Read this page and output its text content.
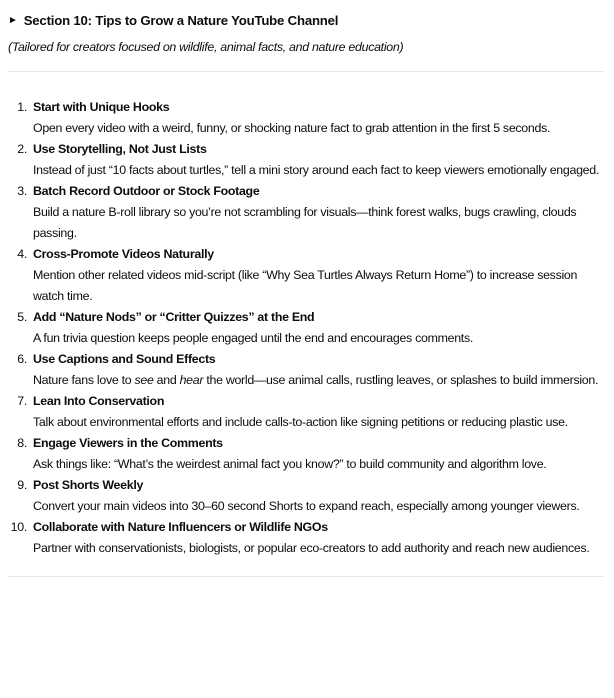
► Section 10: Tips to Grow a Nature YouTube Channel
(Tailored for creators focused on wildlife, animal facts, and nature education)
1. Start with Unique Hooks

Open every video with a weird, funny, or shocking nature fact to grab attention in the first 5 seconds.

2. Use Storytelling, Not Just Lists

Instead of just “10 facts about turtles,” tell a mini story around each fact to keep viewers emotionally engaged.

3. Batch Record Outdoor or Stock Footage

Build a nature B-roll library so you’re not scrambling for visuals—think forest walks, bugs crawling, clouds passing.

4. Cross-Promote Videos Naturally

Mention other related videos mid-script (like “Why Sea Turtles Always Return Home”) to increase session watch time.

5. Add “Nature Nods” or “Critter Quizzes” at the End

A fun trivia question keeps people engaged until the end and encourages comments.

6. Use Captions and Sound Effects

Nature fans love to see and hear the world—use animal calls, rustling leaves, or splashes to build immersion.

7. Lean Into Conservation

Talk about environmental efforts and include calls-to-action like signing petitions or reducing plastic use.

8. Engage Viewers in the Comments

Ask things like: “What’s the weirdest animal fact you know?” to build community and algorithm love.

9. Post Shorts Weekly

Convert your main videos into 30–60 second Shorts to expand reach, especially among younger viewers.

10. Collaborate with Nature Influencers or Wildlife NGOs

Partner with conservationists, biologists, or popular eco-creators to add authority and reach new audiences.
